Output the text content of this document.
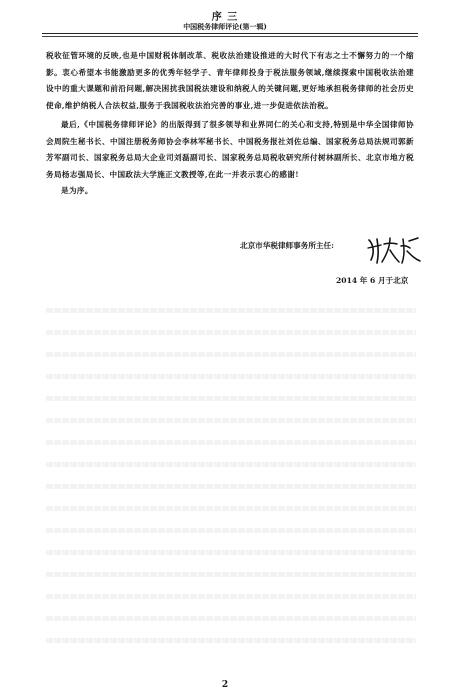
序 三
中国税务律师评论(第一辑)
税收征管环境的反映,也是中国财税体制改革、税收法治建设推进的大时代下有志之士不懈努力的一个缩影。衷心希望本书能激励更多的优秀年轻学子、青年律师投身于税法服务领域,继续探索中国税收法治建设中的重大课题和前沿问题,解决困扰我国税法建设和纳税人的关键问题,更好地承担税务律师的社会历史使命,维护纳税人合法权益,服务于我国税收法治完善的事业,进一步促进依法治税。
最后,《中国税务律师评论》的出版得到了很多领导和业界同仁的关心和支持,特别是中华全国律师协会周院生秘书长、中国注册税务师协会李林军秘书长、中国税务报社刘佐总编、国家税务总局法规司郭新芳军副司长、国家税务总局大企业司刘磊副司长、国家税务总局税收研究所付树林副所长、北京市地方税务局杨志强局长、中国政法大学施正文教授等,在此一并表示衷心的感谢!
是为序。
北京市华税律师事务所主任:
2014 年 6 月于北京
2
